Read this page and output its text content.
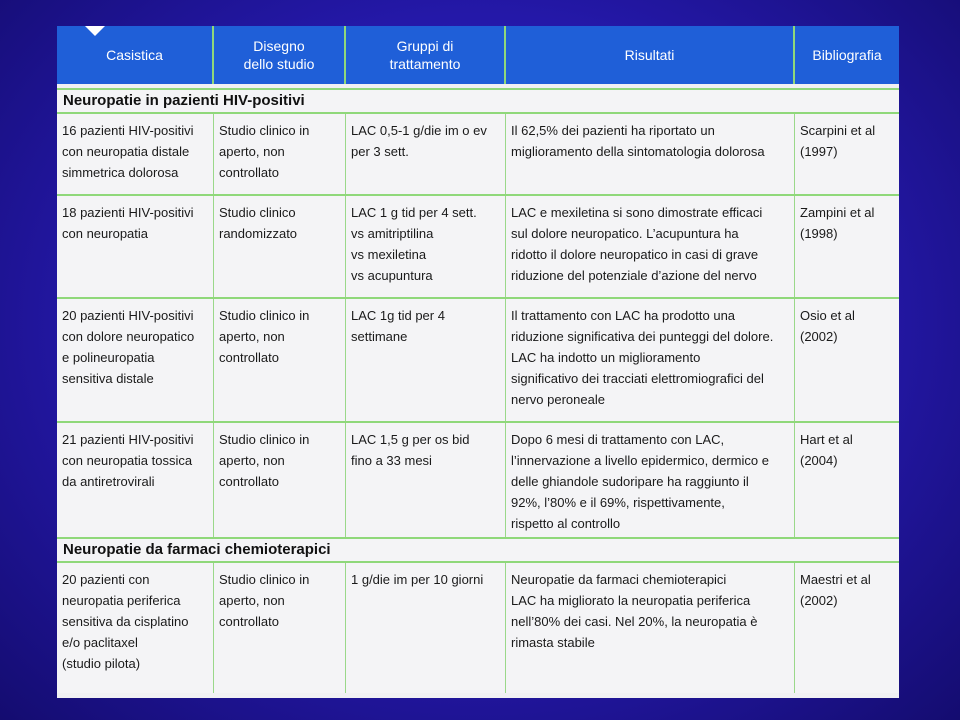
Casistica
Disegno
dello studio
Gruppi di
trattamento
Risultati	Bibliografia
Neuropatie in pazienti HIV-positivi
16 pazienti HIV-positivi
con neuropatia distale
simmetrica dolorosa
Studio clinico in
aperto, non
controllato
LAC 0,5-1 g/die im o ev
per 3 sett.
Il 62,5% dei pazienti ha riportato un
miglioramento della sintomatologia dolorosa
Scarpini et al
(1997)
18 pazienti HIV-positivi
con neuropatia
Studio clinico
randomizzato
LAC 1 g tid per 4 sett.
vs amitriptilina
vs mexiletina
vs acupuntura
LAC e mexiletina si sono dimostrate efficaci
sul dolore neuropatico. L’acupuntura ha
ridotto il dolore neuropatico in casi di grave
riduzione del potenziale d’azione del nervo
Zampini et al
(1998)
20 pazienti HIV-positivi
con dolore neuropatico
e polineuropatia
sensitiva distale
Studio clinico in
aperto, non
controllato
LAC 1g tid per 4
settimane
Il trattamento con LAC ha prodotto una
riduzione significativa dei punteggi del dolore.
LAC ha indotto un miglioramento
significativo dei tracciati elettromiografici del
nervo peroneale
Osio et al
(2002)
21 pazienti HIV-positivi
con neuropatia tossica
da antiretrovirali
Studio clinico in
aperto, non
controllato
LAC 1,5 g per os bid
fino a 33 mesi
Dopo 6 mesi di trattamento con LAC,
l’innervazione a livello epidermico, dermico e
delle ghiandole sudoripare ha raggiunto il
92%, l’80% e il 69%, rispettivamente,
rispetto al controllo
Hart et al
(2004)
Neuropatie da farmaci chemioterapici
20 pazienti con
neuropatia periferica
sensitiva da cisplatino
e/o paclitaxel
(studio pilota)
Studio clinico in
aperto, non
controllato
1 g/die im per 10 giorni	Neuropatie da farmaci chemioterapici
LAC ha migliorato la neuropatia periferica
nell’80% dei casi. Nel 20%, la neuropatia è
rimasta stabile
Maestri et al
(2002)
